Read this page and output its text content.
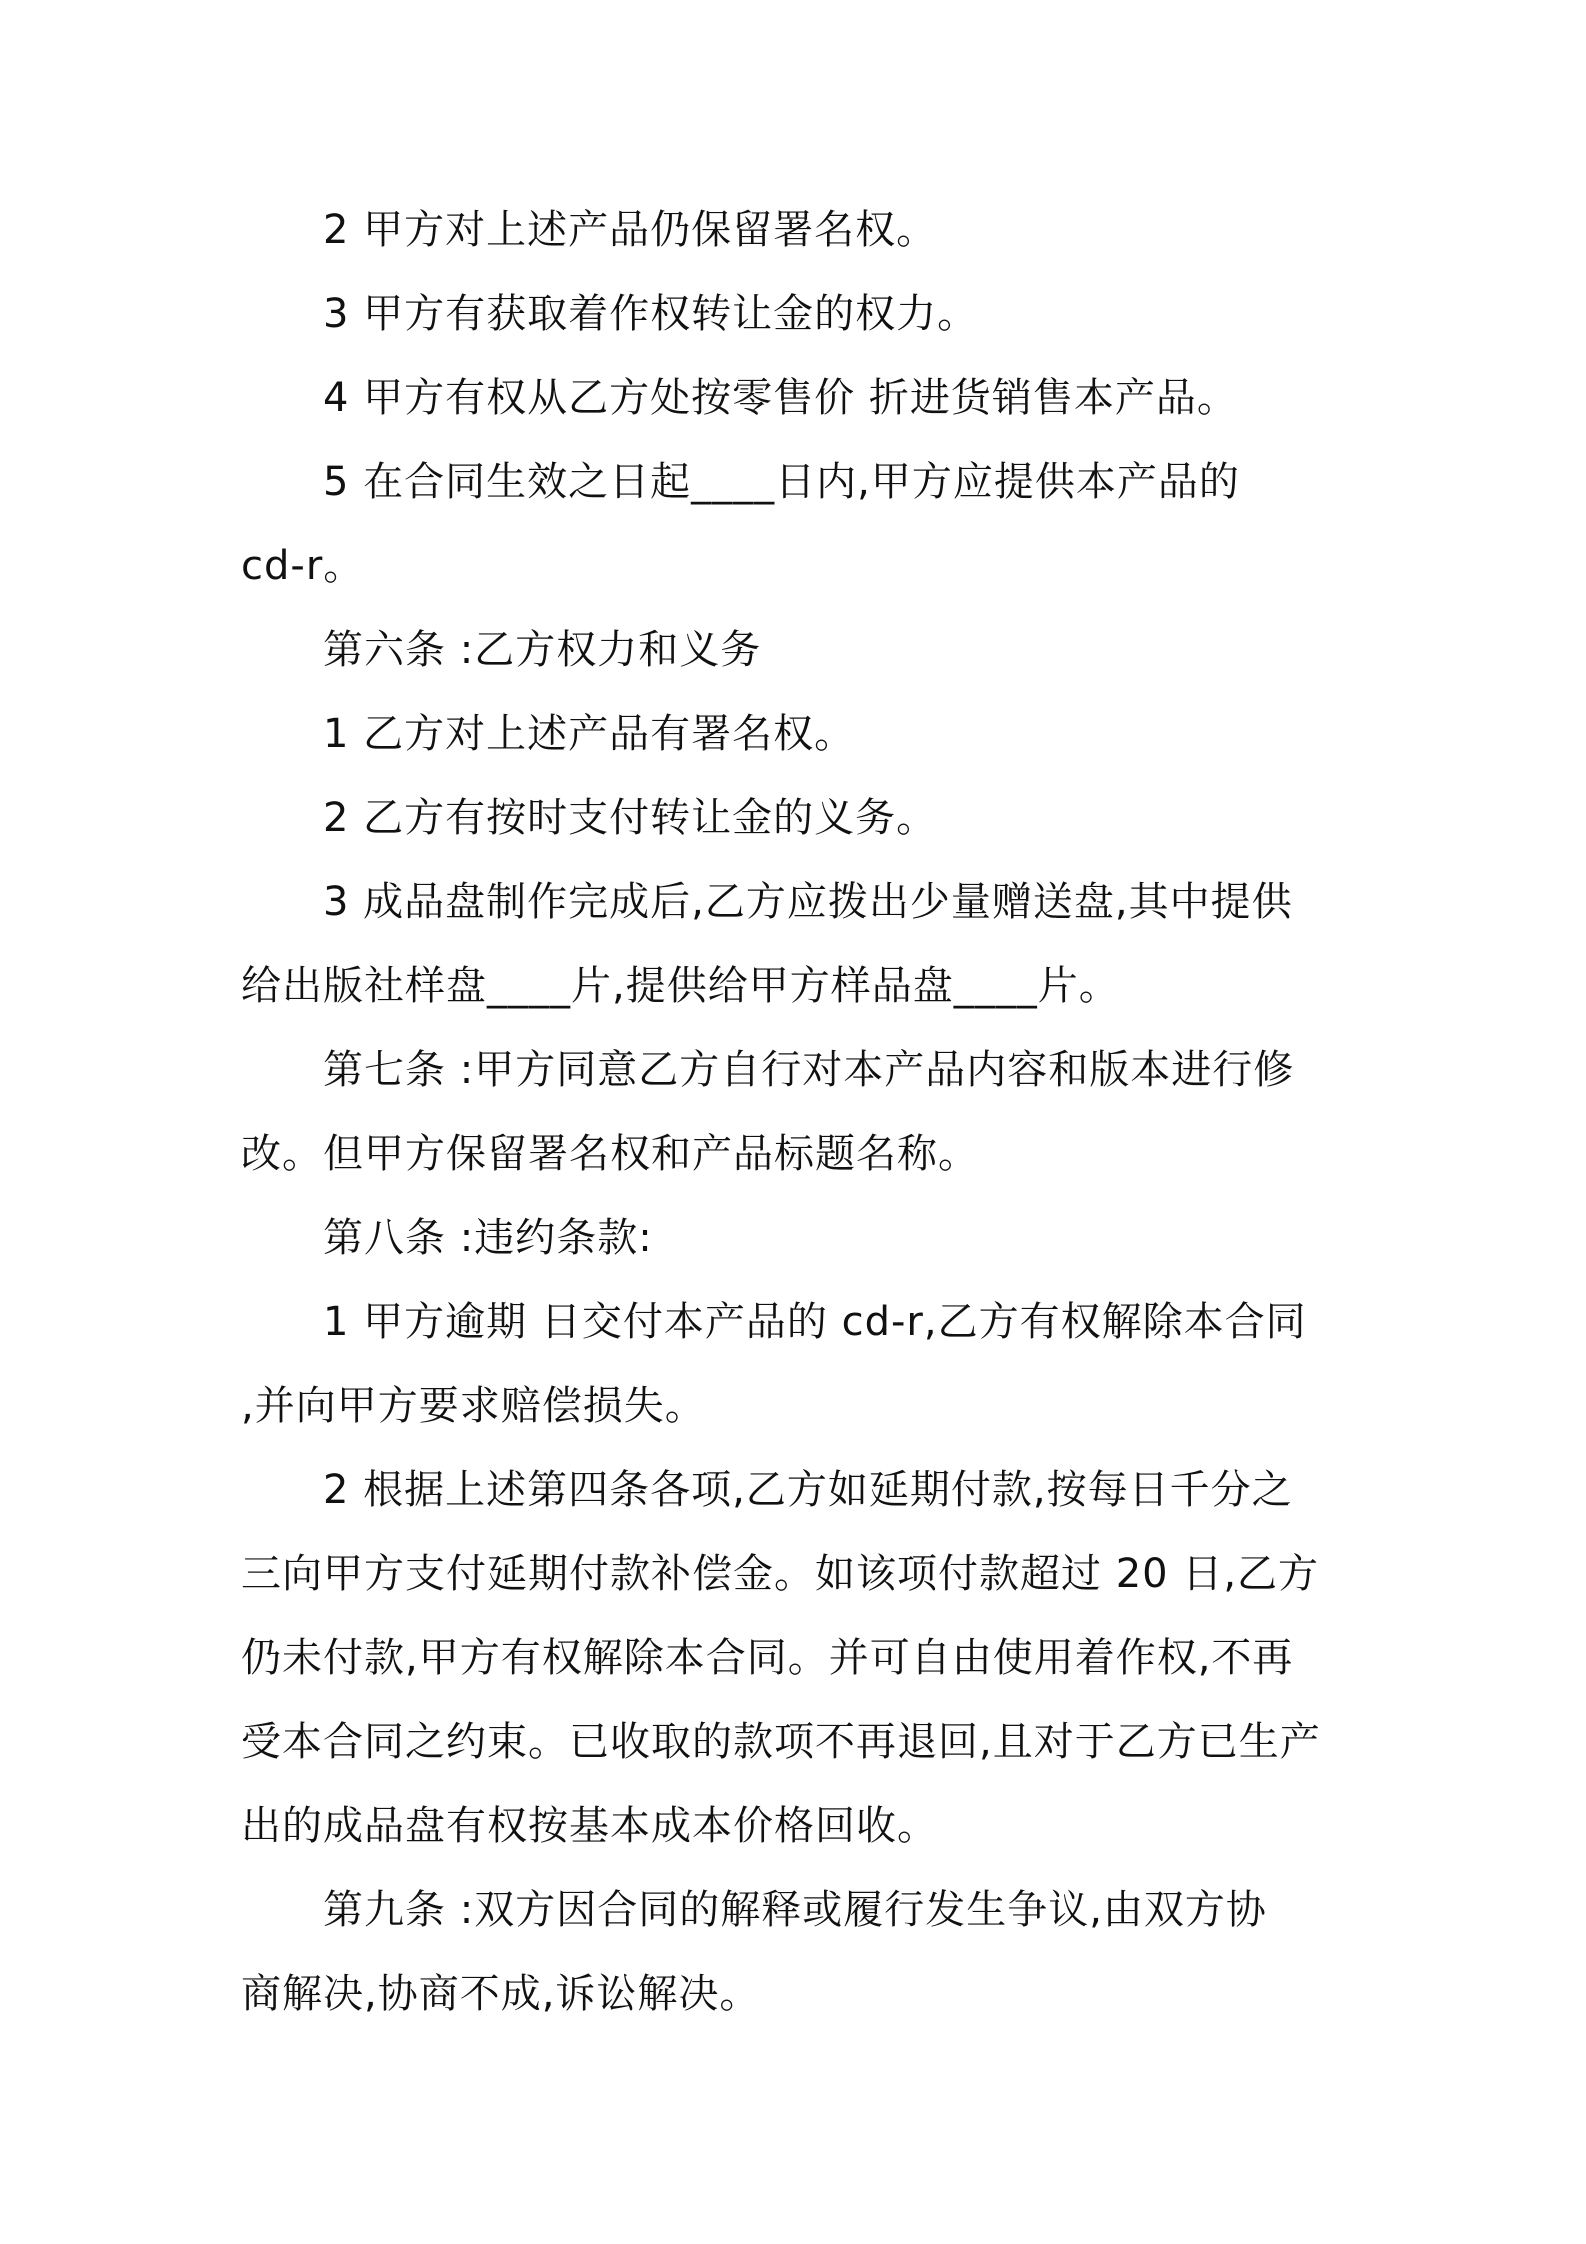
2 甲方对上述产品仍保留署名权。
3 甲方有获取着作权转让金的权力。
4 甲方有权从乙方处按零售价 折进货销售本产品。
5 在合同生效之日起____日内,甲方应提供本产品的
cd-r。
第六条 :乙方权力和义务
1 乙方对上述产品有署名权。
2 乙方有按时支付转让金的义务。
3 成品盘制作完成后,乙方应拨出少量赠送盘,其中提供
给出版社样盘____片,提供给甲方样品盘____片。
第七条 :甲方同意乙方自行对本产品内容和版本进行修
改。但甲方保留署名权和产品标题名称。
第八条 :违约条款:
1 甲方逾期 日交付本产品的 cd-r,乙方有权解除本合同
,并向甲方要求赔偿损失。
2 根据上述第四条各项,乙方如延期付款,按每日千分之
三向甲方支付延期付款补偿金。如该项付款超过 20 日,乙方
仍未付款,甲方有权解除本合同。并可自由使用着作权,不再
受本合同之约束。已收取的款项不再退回,且对于乙方已生产
出的成品盘有权按基本成本价格回收。
第九条 :双方因合同的解释或履行发生争议,由双方协
商解决,协商不成,诉讼解决。
